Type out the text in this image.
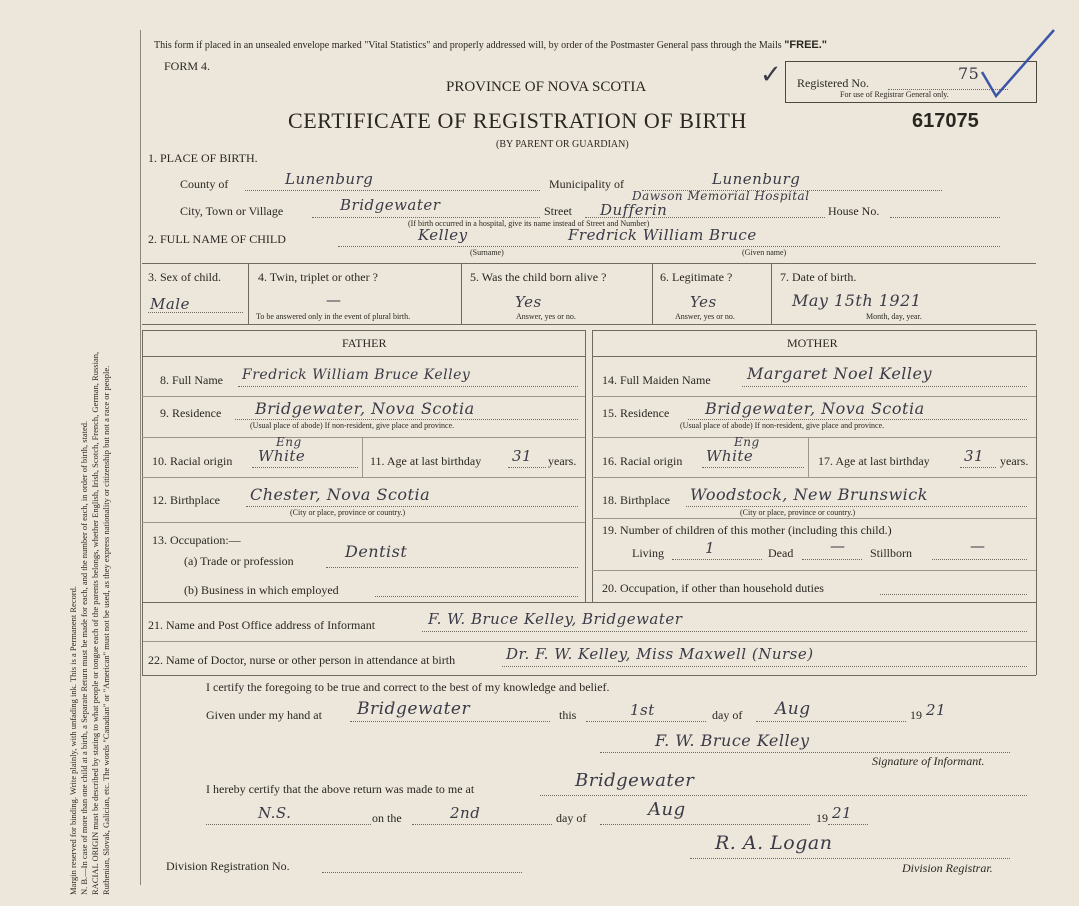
Margin reserved for binding. Write plainly, with unfading ink. This is a Permanent Record. N. B.—In case of more than one child at a birth, a Separate Return must be made for each, and the number of each, in order of birth, stated. RACIAL ORIGIN must be described by stating to what people or tongue each of the parents belongs, whether English, Irish, Scotch, French, German, Russian, Ruthenian, Slovak, Galician, etc. The words "Canadian" or "American" must not be used, as they express nationality or citizenship but not a race or people.
This form if placed in an unsealed envelope marked "Vital Statistics" and properly addressed will, by order of the Postmaster General pass through the Mails "FREE."
FORM 4.
PROVINCE OF NOVA SCOTIA
CERTIFICATE OF REGISTRATION OF BIRTH	617075
(BY PARENT OR GUARDIAN)
✓ Registered No.	75
For use of Registrar General only.
1. PLACE OF BIRTH.
County of	Lunenburg	Municipality of	Lunenburg
Dawson Memorial Hospital
City, Town or Village	Bridgewater	Street Dufferin	House No.
(If birth occurred in a hospital, give its name instead of Street and Number)
2. FULL NAME OF CHILD	Kelley
(Surname)
Fredrick William Bruce
(Given name)
3. Sex of child.
Male
4. Twin, triplet or other ?
—
To be answered only in the event of plural birth.
5. Was the child born alive ?
Yes
Answer, yes or no.
6. Legitimate ?
Yes
Answer, yes or no.
7. Date of birth.
May 15th 1921
Month, day, year.
FATHER	MOTHER
8. Full Name Fredrick William Bruce Kelley
9. Residence Bridgewater, Nova Scotia
(Usual place of abode) If non-resident, give place and province.
10. Racial origin White
Eng
11. Age at last birthday 31 years.
12. Birthplace Chester, Nova Scotia
(City or place, province or country.)
13. Occupation:—
(a) Trade or profession	Dentist
(b) Business in which employed
14. Full Maiden Name Margaret Noel Kelley
15. Residence Bridgewater, Nova Scotia
(Usual place of abode) If non-resident, give place and province.
16. Racial origin White
Eng
17. Age at last birthday 31 years.
18. Birthplace Woodstock, New Brunswick
(City or place, province or country.)
19. Number of children of this mother (including this child.)
Living	1	Dead — Stillborn	—
20. Occupation, if other than household duties
21. Name and Post Office address of Informant	F. W. Bruce Kelley, Bridgewater
22. Name of Doctor, nurse or other person in attendance at birth	Dr. F. W. Kelley, Miss Maxwell (Nurse)
I certify the foregoing to be true and correct to the best of my knowledge and belief.
Given under my hand at Bridgewater	this	1st	day of Aug	19 21
F. W. Bruce Kelley
Signature of Informant.
I hereby certify that the above return was made to me at	Bridgewater
N.S.	on the	2nd	day of	Aug	19 21
Division Registration No.
R. A. Logan
Division Registrar.
